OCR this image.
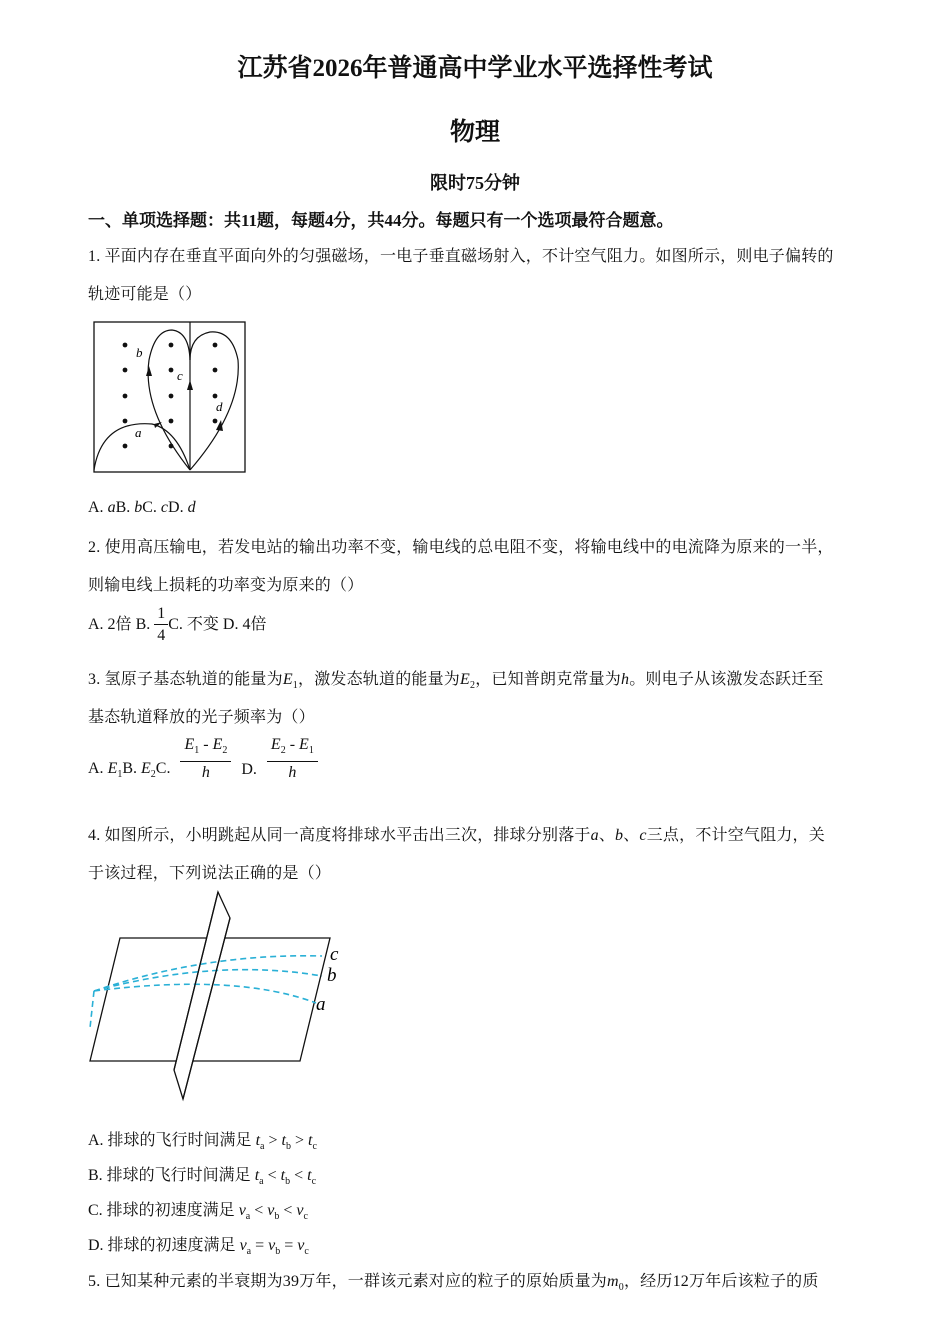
江苏省2026年普通高中学业水平选择性考试
物理
限时75分钟
一、单项选择题：共11题，每题4分，共44分。每题只有一个选项最符合题意。
1. 平面内存在垂直平面向外的匀强磁场，一电子垂直磁场射入，不计空气阻力。如图所示，则电子偏转的
轨迹可能是（）
b
c
d
a
A. aB. bC. cD. d
2. 使用高压输电，若发电站的输出功率不变，输电线的总电阻不变，将输电线中的电流降为原来的一半，
则输电线上损耗的功率变为原来的（）
A. 2倍 B. $\frac{1}{4} C$. 不变 D. 4倍
3. 氢原子基态轨道的能量为$E_1$，激发态轨道的能量为$E_2$，已知普朗克常量为h。则电子从该激发态跃迁至
基态轨道释放的光子频率为（）
A. $E_1B$. $E_2C$. $\frac{E_1 - E_2}{h} D$. $\frac{E_2 - E_1}{h}$
4. 如图所示，小明跳起从同一高度将排球水平击出三次，排球分别落于a、b、c三点，不计空气阻力，关
于该过程，下列说法正确的是（）
c
b
a
A. 排球的飞行时间满足 $t_a > t_b > t_c$
B. 排球的飞行时间满足 $t_a < t_b < t_c$
C. 排球的初速度满足 $v_a < v_b < v_c$
D. 排球的初速度满足 $v_a = v_b = v_c$
5. 已知某种元素的半衰期为39万年，一群该元素对应的粒子的原始质量为$m_0$，经历12万年后该粒子的质
